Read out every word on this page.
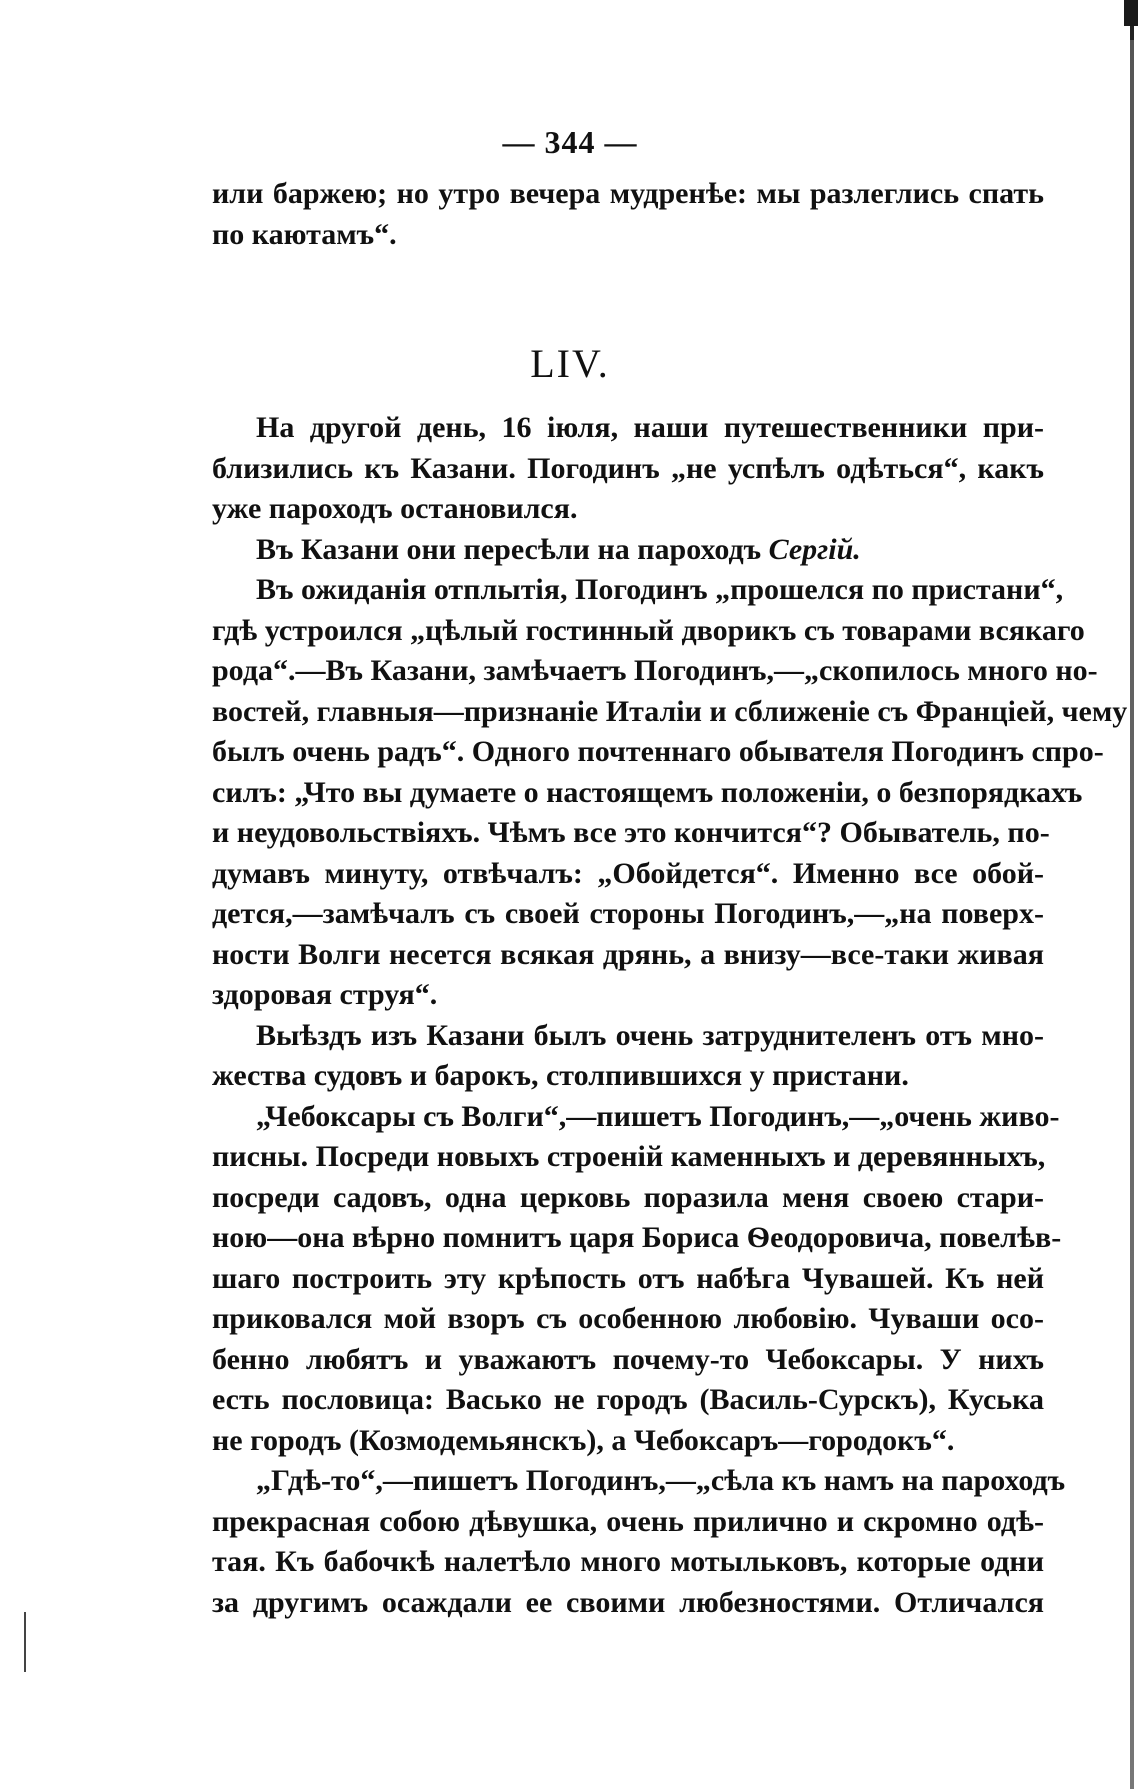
— 344 —
или баржею; но утро вечера мудренѣе: мы разлеглись спать
по каютамъ“.
LIV.
На другой день, 16 іюля, наши путешественники при-
близились къ Казани. Погодинъ „не успѣлъ одѣться“, какъ
уже пароходъ остановился.
Въ Казани они пересѣли на пароходъ Сергій.
Въ ожиданія отплытія, Погодинъ „прошелся по пристани“,
гдѣ устроился „цѣлый гостинный дворикъ съ товарами всякаго
рода“.—Въ Казани, замѣчаетъ Погодинъ,—„скопилось много но-
востей, главныя—признаніе Италіи и сближеніе съ Франціей, чему
былъ очень радъ“. Одного почтеннаго обывателя Погодинъ спро-
силъ: „Что вы думаете о настоящемъ положеніи, о безпорядкахъ
и неудовольствіяхъ. Чѣмъ все это кончится“? Обыватель, по-
думавъ минуту, отвѣчалъ: „Обойдется“. Именно все обой-
дется,—замѣчалъ съ своей стороны Погодинъ,—„на поверх-
ности Волги несется всякая дрянь, а внизу—все-таки живая
здоровая струя“.
Выѣздъ изъ Казани былъ очень затруднителенъ отъ мно-
жества судовъ и барокъ, столпившихся у пристани.
„Чебоксары съ Волги“,—пишетъ Погодинъ,—„очень живо-
писны. Посреди новыхъ строеній каменныхъ и деревянныхъ,
посреди садовъ, одна церковь поразила меня своею стари-
ною—она вѣрно помнитъ царя Бориса Ѳеодоровича, повелѣв-
шаго построить эту крѣпость отъ набѣга Чувашей. Къ ней
приковался мой взоръ съ особенною любовію. Чуваши осо-
бенно любятъ и уважаютъ почему-то Чебоксары. У нихъ
есть пословица: Васько не городъ (Василь-Сурскъ), Куська
не городъ (Козмодемьянскъ), а Чебоксаръ—городокъ“.
„Гдѣ-то“,—пишетъ Погодинъ,—„сѣла къ намъ на пароходъ
прекрасная собою дѣвушка, очень прилично и скромно одѣ-
тая. Къ бабочкѣ налетѣло много мотыльковъ, которые одни
за другимъ осаждали ее своими любезностями. Отличался
